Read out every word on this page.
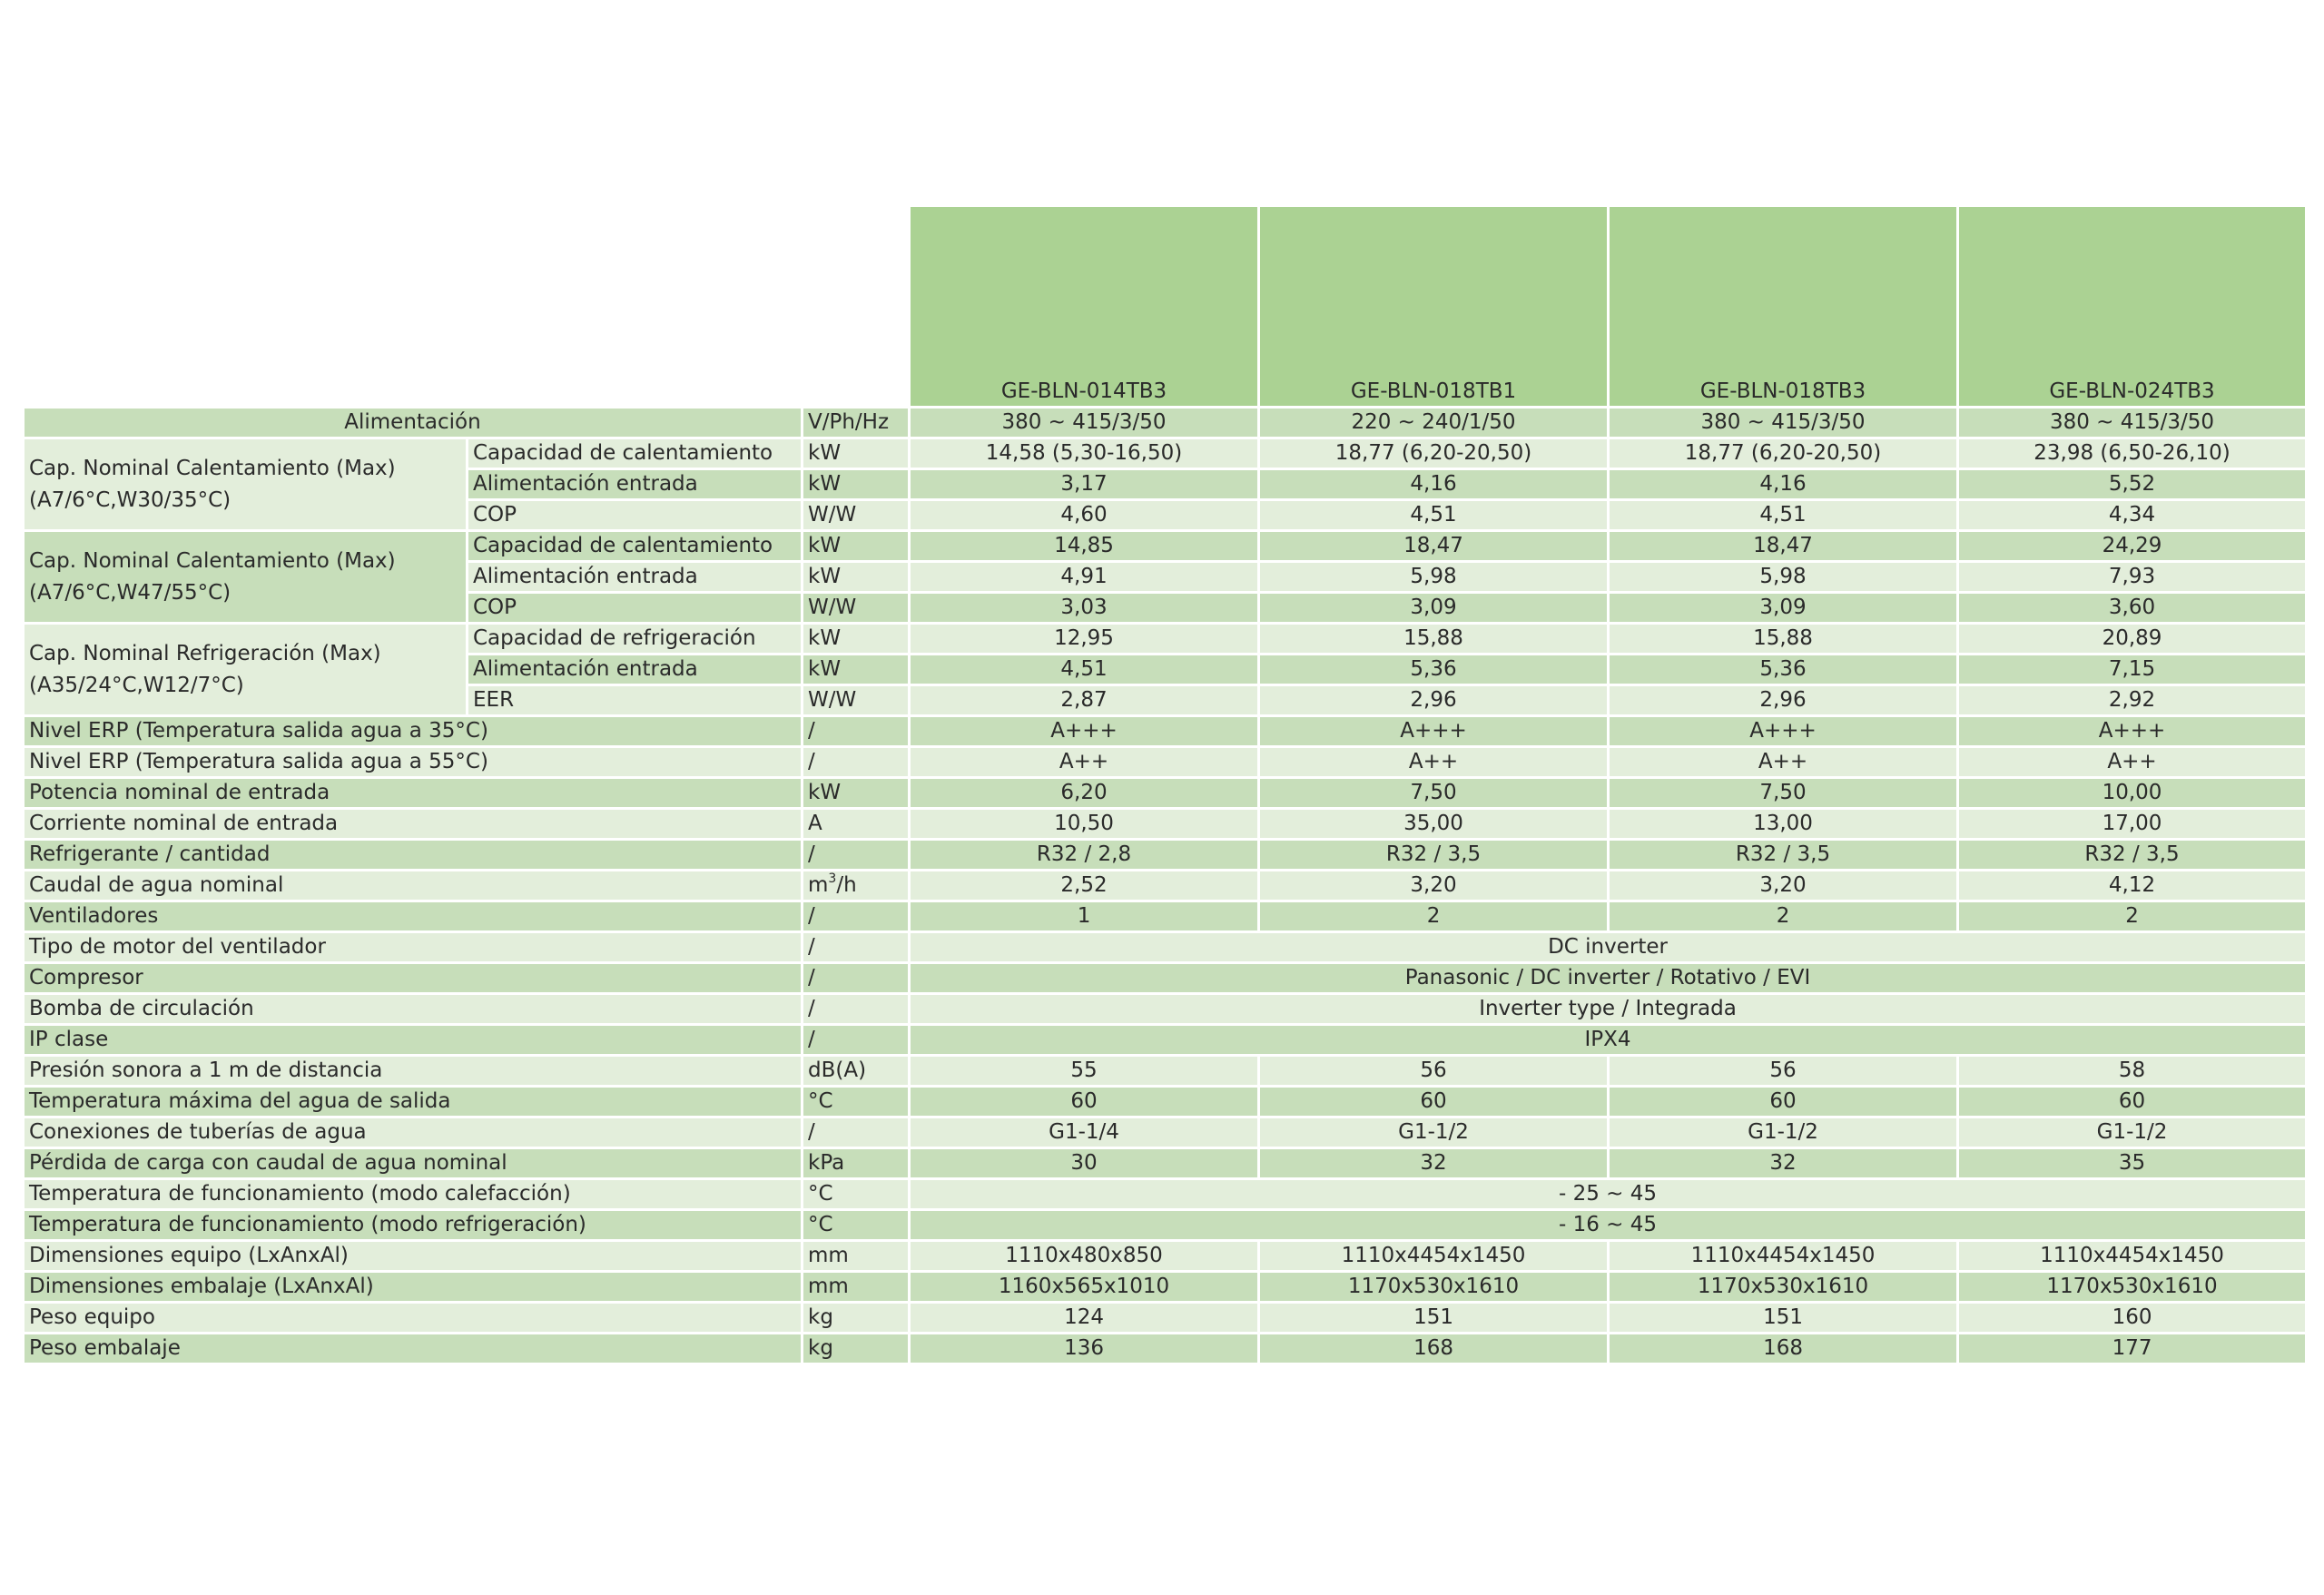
			GE-BLN-014TB3	GE-BLN-018TB1	GE-BLN-018TB3	GE-BLN-024TB3
Alimentación		V/Ph/Hz	380 ~ 415/3/50	220 ~ 240/1/50	380 ~ 415/3/50	380 ~ 415/3/50

Cap. Nominal Calentamiento (Max)
(A7/6°C,W30/35°C)	Capacidad de calentamiento	kW	14,58 (5,30-16,50)	18,77 (6,20-20,50)	18,77 (6,20-20,50)	23,98 (6,50-26,10)
	Alimentación entrada	kW	3,17	4,16	4,16	5,52
	COP	W/W	4,60	4,51	4,51	4,34

Cap. Nominal Calentamiento (Max)
(A7/6°C,W47/55°C)	Capacidad de calentamiento	kW	14,85	18,47	18,47	24,29
	Alimentación entrada	kW	4,91	5,98	5,98	7,93
	COP	W/W	3,03	3,09	3,09	3,60

Cap. Nominal Refrigeración (Max)
(A35/24°C,W12/7°C)	Capacidad de refrigeración	kW	12,95	15,88	15,88	20,89
	Alimentación entrada	kW	4,51	5,36	5,36	7,15
	EER	W/W	2,87	2,96	2,96	2,92
Nivel ERP (Temperatura salida agua a 35°C)		/	A+++	A+++	A+++	A+++
Nivel ERP (Temperatura salida agua a 55°C)		/	A++	A++	A++	A++
Potencia nominal de entrada		kW	6,20	7,50	7,50	10,00
Corriente nominal de entrada		A	10,50	35,00	13,00	17,00
Refrigerante / cantidad		/	R32 / 2,8	R32 / 3,5	R32 / 3,5	R32 / 3,5
Caudal de agua nominal		$m^3/h$	2,52	3,20	3,20	4,12
Ventiladores		/	1	2	2	2
Tipo de motor del ventilador		/	DC inverter			
Compresor		/	Panasonic / DC inverter / Rotativo / EVI			
Bomba de circulación		/	Inverter type / Integrada			
IP clase		/	IPX4			
Presión sonora a 1 m de distancia		dB(A)	55	56	56	58
Temperatura máxima del agua de salida		°C	60	60	60	60
Conexiones de tuberías de agua		/	G1-1/4	G1-1/2	G1-1/2	G1-1/2
Pérdida de carga con caudal de agua nominal		kPa	30	32	32	35
Temperatura de funcionamiento (modo calefacción)		°C	- 25 ~ 45			
Temperatura de funcionamiento (modo refrigeración)		°C	- 16 ~ 45			
Dimensiones equipo (LxAnxAl)		mm	1110x480x850	1110x4454x1450	1110x4454x1450	1110x4454x1450
Dimensiones embalaje (LxAnxAl)		mm	1160x565x1010	1170x530x1610	1170x530x1610	1170x530x1610
Peso equipo		kg	124	151	151	160
Peso embalaje		kg	136	168	168	177
